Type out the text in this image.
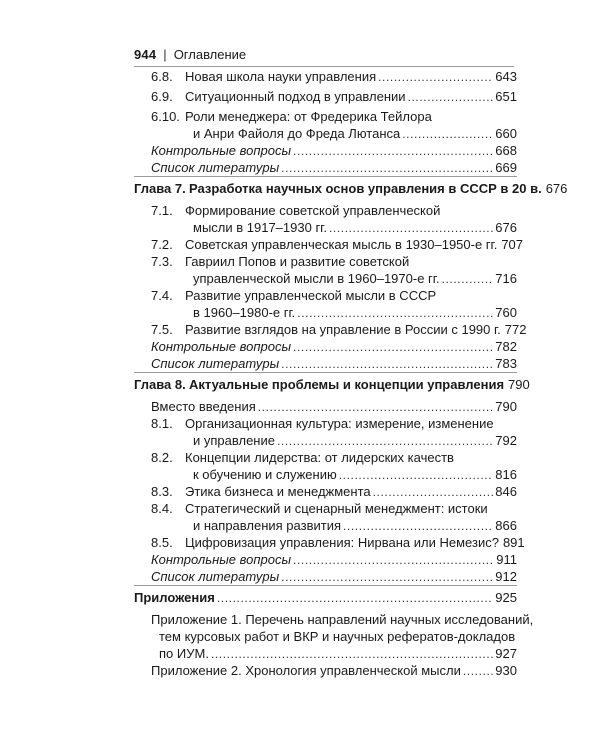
944 | Оглавление
6.8. Новая школа науки управления .....	643
6.9. Ситуационный подход в управлении .....	651
6.10. Роли менеджера: от Фредерика Тейлора
и Анри Файоля до Фреда Лютанса .....	660
Контрольные вопросы .....	668
Список литературы .....	669
Глава 7. Разработка научных основ управления в СССР в 20 в. 676
7.1. Формирование советской управленческой
мысли в 1917–1930 гг. .....	676
7.2. Советская управленческая мысль в 1930–1950-е гг. 707
7.3. Гавриил Попов и развитие советской
управленческой мысли в 1960–1970-е гг. .....	716
7.4. Развитие управленческой мысли в СССР
в 1960–1980-е гг. .....	760
7.5. Развитие взглядов на управление в России с 1990 г. 772
Контрольные вопросы .....	782
Список литературы .....	783
Глава 8. Актуальные проблемы и концепции управления 790
Вместо введения .....	790
8.1. Организационная культура: измерение, изменение
и управление .....	792
8.2. Концепции лидерства: от лидерских качеств
к обучению и служению .....	816
8.3. Этика бизнеса и менеджмента .....	846
8.4. Стратегический и сценарный менеджмент: истоки
и направления развития .....	866
8.5. Цифровизация управления: Нирвана или Немезис? 891
Контрольные вопросы .....	911
Список литературы .....	912
Приложения .....	925
Приложение 1. Перечень направлений научных исследований,
тем курсовых работ и ВКР и научных рефератов-докладов
по ИУМ. .....	927
Приложение 2. Хронология управленческой мысли .....	930
